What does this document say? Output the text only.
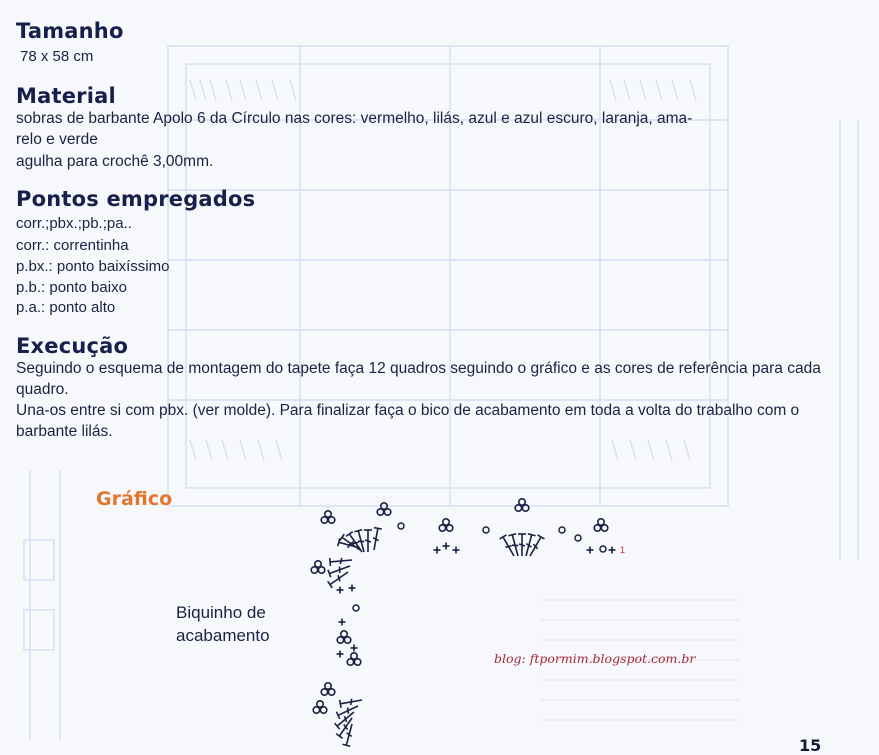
Tamanho
78 x 58 cm
Material
sobras de barbante Apolo 6 da Círculo nas cores: vermelho, lilás, azul e azul escuro, laranja, ama-
relo e verde
agulha para crochê 3,00mm.
Pontos empregados
corr.;pbx.;pb.;pa..
corr.: correntinha
p.bx.: ponto baixíssimo
p.b.: ponto baixo
p.a.: ponto alto
Execução

Seguindo o esquema de montagem do tapete faça 12 quadros seguindo o gráfico e as cores de referência para cada quadro.

Una-os entre si com pbx. (ver molde). Para finalizar faça o bico de acabamento em toda a volta do trabalho com o barbante lilás.

Gráfico
Biquinho de
acabamento
1
blog: ftpormim.blogspot.com.br
15
